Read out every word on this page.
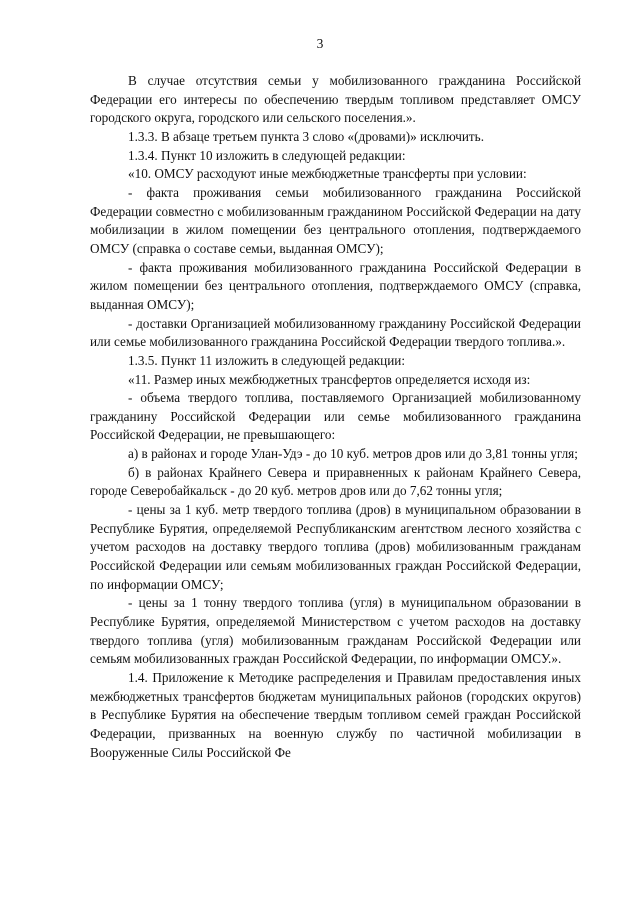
3

В случае отсутствия семьи у мобилизованного гражданина Российской Федерации его интересы по обеспечению твердым топливом представляет ОМСУ городского округа, городского или сельского поселения.».

1.3.3. В абзаце третьем пункта 3 слово «(дровами)» исключить.

1.3.4. Пункт 10 изложить в следующей редакции:

«10. ОМСУ расходуют иные межбюджетные трансферты при условии:

- факта проживания семьи мобилизованного гражданина Российской Федерации совместно с мобилизованным гражданином Российской Федерации на дату мобилизации в жилом помещении без центрального отопления, подтверждаемого ОМСУ (справка о составе семьи, выданная ОМСУ);

- факта проживания мобилизованного гражданина Российской Федерации в жилом помещении без центрального отопления, подтверждаемого ОМСУ (справка, выданная ОМСУ);

- доставки Организацией мобилизованному гражданину Российской Федерации или семье мобилизованного гражданина Российской Федерации твердого топлива.».

1.3.5. Пункт 11 изложить в следующей редакции:

«11. Размер иных межбюджетных трансфертов определяется исходя из:

- объема твердого топлива, поставляемого Организацией мобилизованному гражданину Российской Федерации или семье мобилизованного гражданина Российской Федерации, не превышающего:

а) в районах и городе Улан-Удэ - до 10 куб. метров дров или до 3,81 тонны угля;

б) в районах Крайнего Севера и приравненных к районам Крайнего Севера, городе Северобайкальск - до 20 куб. метров дров или до 7,62 тонны угля;

- цены за 1 куб. метр твердого топлива (дров) в муниципальном образовании в Республике Бурятия, определяемой Республиканским агентством лесного хозяйства с учетом расходов на доставку твердого топлива (дров) мобилизованным гражданам Российской Федерации или семьям мобилизованных граждан Российской Федерации, по информации ОМСУ;

- цены за 1 тонну твердого топлива (угля) в муниципальном образовании в Республике Бурятия, определяемой Министерством с учетом расходов на доставку твердого топлива (угля) мобилизованным гражданам Российской Федерации или семьям мобилизованных граждан Российской Федерации, по информации ОМСУ.».

1.4. Приложение к Методике распределения и Правилам предоставления иных межбюджетных трансфертов бюджетам муниципальных районов (городских округов) в Республике Бурятия на обеспечение твердым топливом семей граждан Российской Федерации, призванных на военную службу по частичной мобилизации в Вооруженные Силы Российской Фе
